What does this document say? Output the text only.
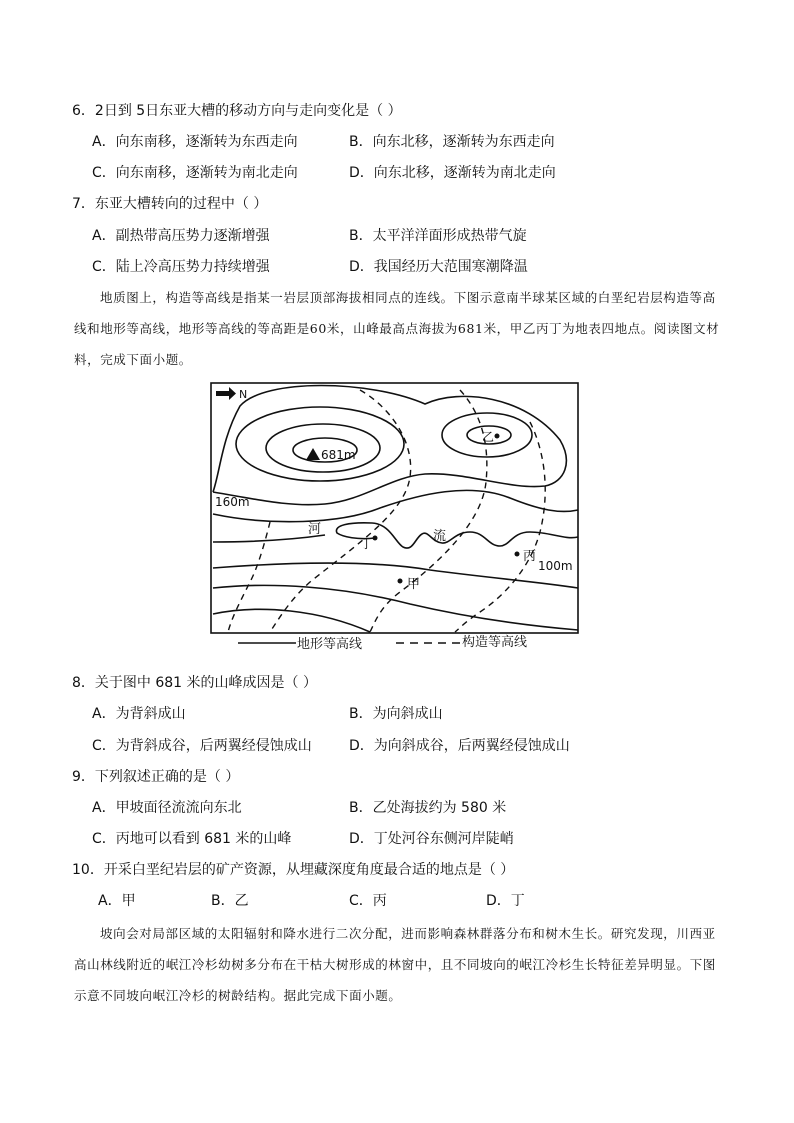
6．2日到 5日东亚大槽的移动方向与走向变化是（ ）
A．向东南移，逐渐转为东西走向	B．向东北移，逐渐转为东西走向
C．向东南移，逐渐转为南北走向	D．向东北移，逐渐转为南北走向
7．东亚大槽转向的过程中（ ）
A．副热带高压势力逐渐增强	B．太平洋洋面形成热带气旋
C．陆上冷高压势力持续增强	D．我国经历大范围寒潮降温
地质图上，构造等高线是指某一岩层顶部海拔相同点的连线。下图示意南半球某区域的白垩纪岩层构造等高线和地形等高线，地形等高线的等高距是60米，山峰最高点海拔为681米，甲乙丙丁为地表四地点。阅读图文材料，完成下面小题。
N
681m
160m
100m
河	流
甲
乙
丙
丁
地形等高线	构造等高线
8．关于图中 681 米的山峰成因是（ ）
A．为背斜成山	B．为向斜成山
C．为背斜成谷，后两翼经侵蚀成山	D．为向斜成谷，后两翼经侵蚀成山
9．下列叙述正确的是（ ）
A．甲坡面径流流向东北	B．乙处海拔约为 580 米
C．丙地可以看到 681 米的山峰	D．丁处河谷东侧河岸陡峭
10．开采白垩纪岩层的矿产资源，从埋藏深度角度最合适的地点是（ ）
A．甲	B．乙	C．丙	D．丁
坡向会对局部区域的太阳辐射和降水进行二次分配，进而影响森林群落分布和树木生长。研究发现，川西亚高山林线附近的岷江冷杉幼树多分布在干枯大树形成的林窗中，且不同坡向的岷江冷杉生长特征差异明显。下图示意不同坡向岷江冷杉的树龄结构。据此完成下面小题。
